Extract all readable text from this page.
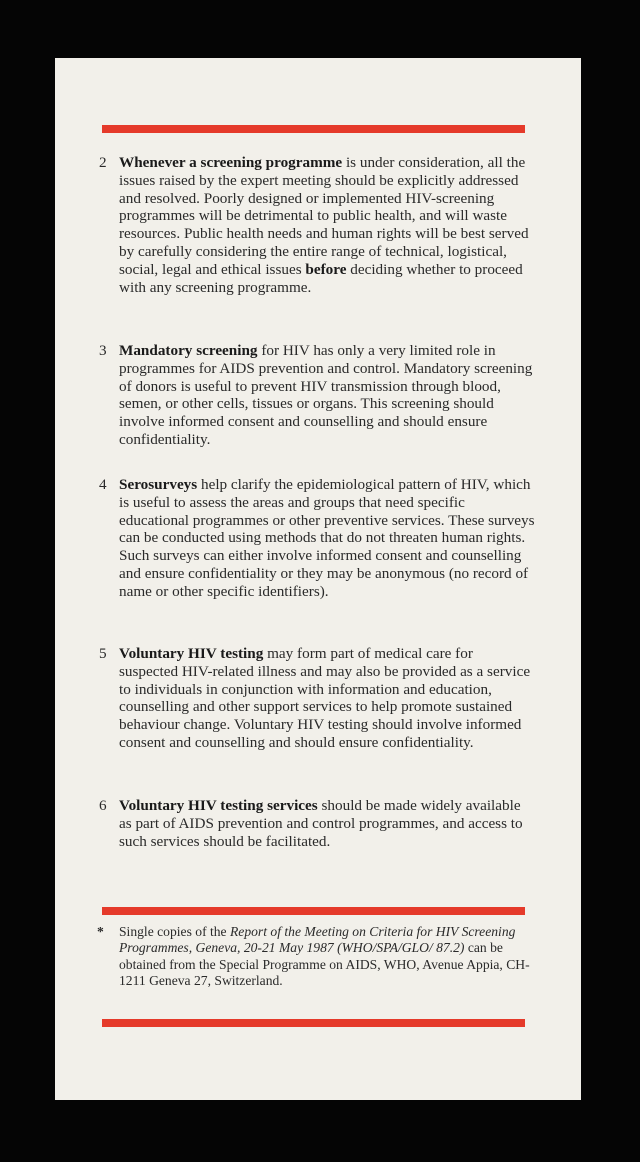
2 Whenever a screening programme is under consideration, all the issues raised by the expert meeting should be explicitly addressed and resolved. Poorly designed or implemented HIV-screening programmes will be detrimental to public health, and will waste resources. Public health needs and human rights will be best served by carefully considering the entire range of technical, logistical, social, legal and ethical issues before deciding whether to proceed with any screening programme.
3 Mandatory screening for HIV has only a very limited role in programmes for AIDS prevention and control. Mandatory screening of donors is useful to prevent HIV transmission through blood, semen, or other cells, tissues or organs. This screening should involve informed consent and counselling and should ensure confidentiality.
4 Serosurveys help clarify the epidemiological pattern of HIV, which is useful to assess the areas and groups that need specific educational programmes or other preventive services. These surveys can be conducted using methods that do not threaten human rights. Such surveys can either involve informed consent and counselling and ensure confidentiality or they may be anonymous (no record of name or other specific identifiers).
5 Voluntary HIV testing may form part of medical care for suspected HIV-related illness and may also be provided as a service to individuals in conjunction with information and education, counselling and other support services to help promote sustained behaviour change. Voluntary HIV testing should involve informed consent and counselling and should ensure confidentiality.
6 Voluntary HIV testing services should be made widely available as part of AIDS prevention and control programmes, and access to such services should be facilitated.
* Single copies of the Report of the Meeting on Criteria for HIV Screening Programmes, Geneva, 20-21 May 1987 (WHO/SPA/GLO/ 87.2) can be obtained from the Special Programme on AIDS, WHO, Avenue Appia, CH-1211 Geneva 27, Switzerland.
